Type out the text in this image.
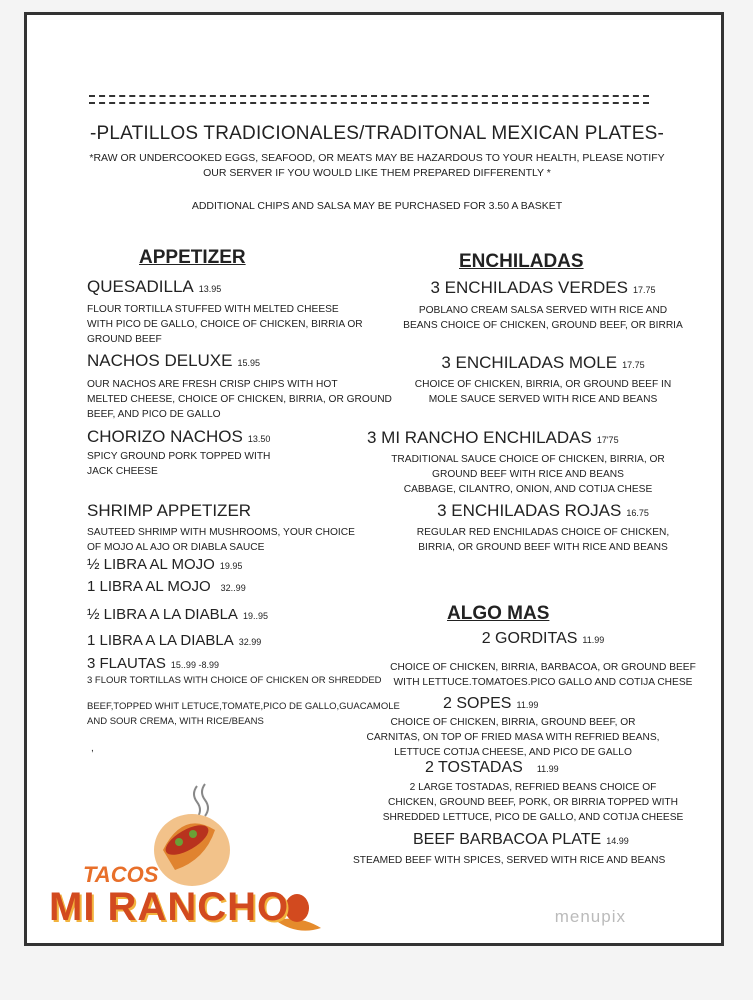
-PLATILLOS TRADICIONALES/TRADITONAL MEXICAN PLATES-
*RAW OR UNDERCOOKED EGGS, SEAFOOD, OR MEATS MAY BE HAZARDOUS TO YOUR HEALTH, PLEASE NOTIFY
OUR SERVER IF YOU WOULD LIKE THEM PREPARED DIFFERENTLY *
ADDITIONAL CHIPS AND SALSA MAY BE PURCHASED FOR 3.50 A BASKET
APPETIZER
QUESADILLA 13.95
FLOUR TORTILLA STUFFED WITH MELTED CHEESE
WITH PICO DE GALLO, CHOICE OF CHICKEN, BIRRIA OR
GROUND BEEF
NACHOS DELUXE 15.95
OUR NACHOS ARE FRESH CRISP CHIPS WITH HOT
MELTED CHEESE, CHOICE OF CHICKEN, BIRRIA, OR GROUND
BEEF, AND PICO DE GALLO
CHORIZO NACHOS 13.50
SPICY GROUND PORK TOPPED WITH
JACK CHEESE
SHRIMP APPETIZER
SAUTEED SHRIMP WITH MUSHROOMS, YOUR CHOICE
OF MOJO AL AJO OR DIABLA SAUCE
½ LIBRA AL MOJO 19.95
1 LIBRA AL MOJO 32..99
½ LIBRA A LA DIABLA 19..95
1 LIBRA A LA DIABLA 32.99
3 FLAUTAS 15..99 -8.99
3 FLOUR TORTILLAS WITH CHOICE OF CHICKEN OR SHREDDED
BEEF,TOPPED WHIT LETUCE,TOMATE,PICO DE GALLO,GUACAMOLE
AND SOUR CREMA, WITH RICE/BEANS
,
ENCHILADAS
3 ENCHILADAS VERDES 17.75
POBLANO CREAM SALSA SERVED WITH RICE AND
BEANS CHOICE OF CHICKEN, GROUND BEEF, OR BIRRIA
3 ENCHILADAS MOLE 17.75
CHOICE OF CHICKEN, BIRRIA, OR GROUND BEEF IN
MOLE SAUCE SERVED WITH RICE AND BEANS
3 MI RANCHO ENCHILADAS 17'75
TRADITIONAL SAUCE CHOICE OF CHICKEN, BIRRIA, OR
GROUND BEEF WITH RICE AND BEANS
CABBAGE, CILANTRO, ONION, AND COTIJA CHESE
3 ENCHILADAS ROJAS 16.75
REGULAR RED ENCHILADAS CHOICE OF CHICKEN,
BIRRIA, OR GROUND BEEF WITH RICE AND BEANS
ALGO MAS
2 GORDITAS 11.99
CHOICE OF CHICKEN, BIRRIA, BARBACOA, OR GROUND BEEF
WITH LETTUCE.TOMATOES.PICO GALLO AND COTIJA CHESE
2 SOPES 11.99
CHOICE OF CHICKEN, BIRRIA, GROUND BEEF, OR
CARNITAS, ON TOP OF FRIED MASA WITH REFRIED BEANS,
LETTUCE COTIJA CHEESE, AND PICO DE GALLO
2 TOSTADAS 11.99
2 LARGE TOSTADAS, REFRIED BEANS CHOICE OF
CHICKEN, GROUND BEEF, PORK, OR BIRRIA TOPPED WITH
SHREDDED LETTUCE, PICO DE GALLO, AND COTIJA CHEESE
BEEF BARBACOA PLATE 14.99
STEAMED BEEF WITH SPICES, SERVED WITH RICE AND BEANS
TACOS
MI RANCHO	menupix
